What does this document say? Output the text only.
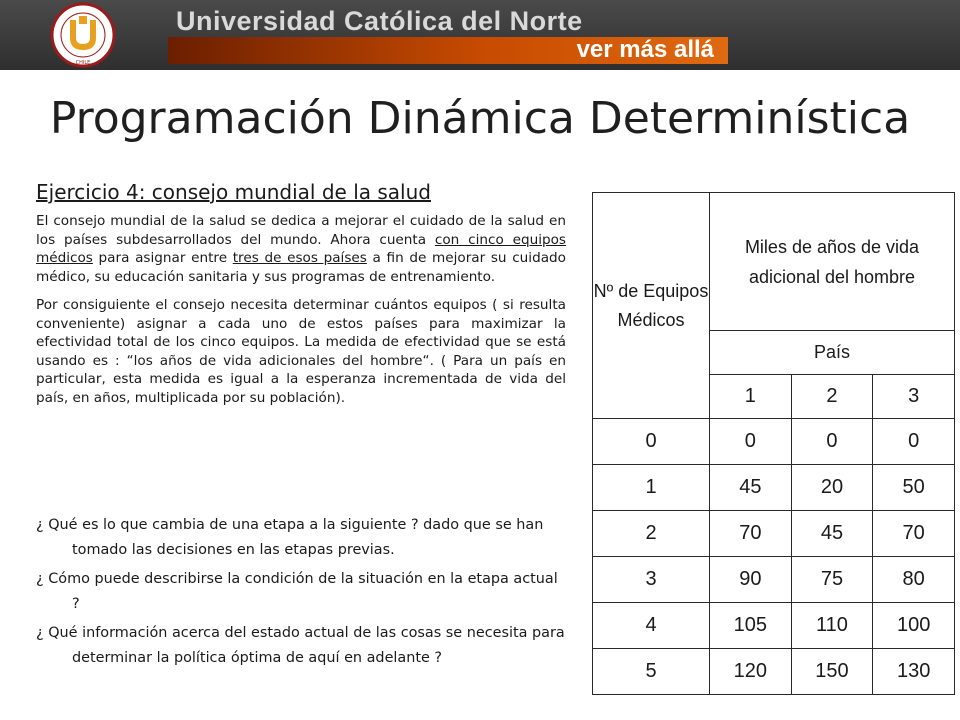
CHILE
Universidad Católica del Norte
ver más allá
Programación Dinámica Determinística
Ejercicio 4: consejo mundial de la salud

El consejo mundial de la salud se dedica a mejorar el cuidado de la salud en los países subdesarrollados del mundo. Ahora cuenta con cinco equipos médicos para asignar entre tres de esos países a fin de mejorar su cuidado médico, su educación sanitaria y sus programas de entrenamiento.

Por consiguiente el consejo necesita determinar cuántos equipos ( si resulta conveniente) asignar a cada uno de estos países para maximizar la efectividad total de los cinco equipos. La medida de efectividad que se está usando es : “los años de vida adicionales del hombre“. ( Para un país en particular, esta medida es igual a la esperanza incrementada de vida del país, en años, multiplicada por su población).

¿ Qué es lo que cambia de una etapa a la siguiente ? dado que se han tomado las decisiones en las etapas previas.

¿ Cómo puede describirse la condición de la situación en la etapa actual ?

¿ Qué información acerca del estado actual de las cosas se necesita para determinar la política óptima de aquí en adelante ?

Nº de Equipos Médicos	Miles de años de vida adicional del hombre		
	País		
	1	2	3
0	0	0	0
1	45	20	50
2	70	45	70
3	90	75	80
4	105	110	100
5	120	150	130
